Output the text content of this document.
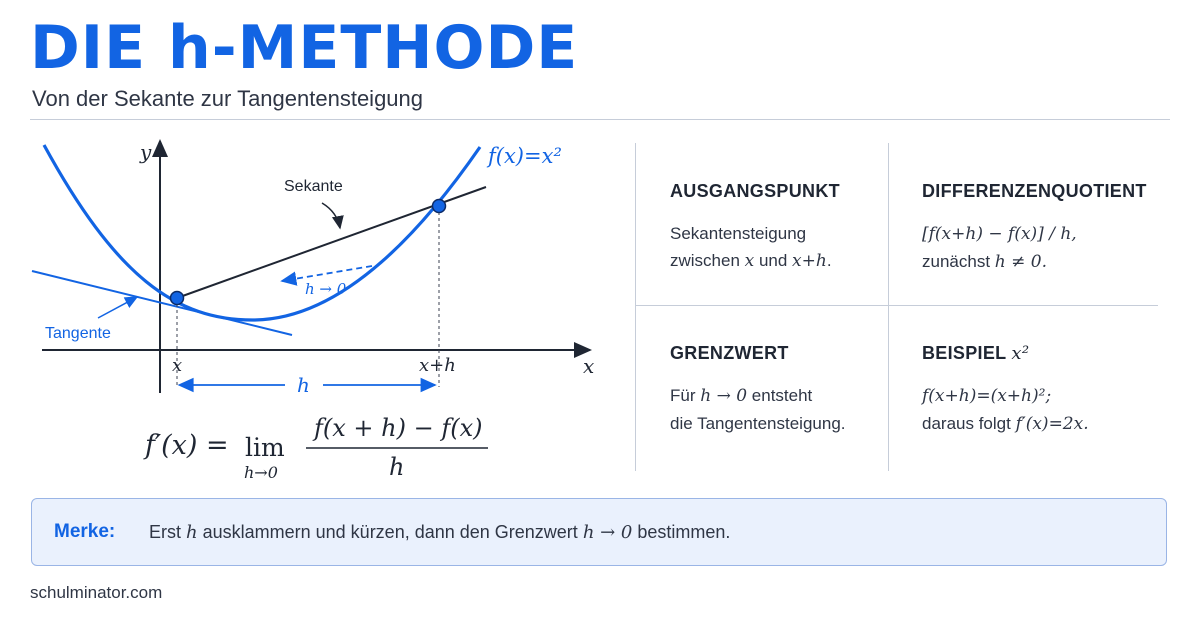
DIE h-METHODE
Von der Sekante zur Tangentensteigung
y
x
Tangente
Sekante
h → 0
f(x)=x²
x	x+h
h
f′(x) = lim
h→0
f(x + h) − f(x)
h
AUSGANGSPUNKT

Sekantensteigung
zwischen x und x+h.

DIFFERENZENQUOTIENT

[f(x+h) − f(x)] / h,
zunächst h ≠ 0.

GRENZWERT

Für h → 0 entsteht
die Tangentensteigung.

BEISPIEL x²

f(x+h)=(x+h)²;
daraus folgt f′(x)=2x.

Merke: Erst h ausklammern und kürzen, dann den Grenzwert h → 0 bestimmen.
schulminator.com
